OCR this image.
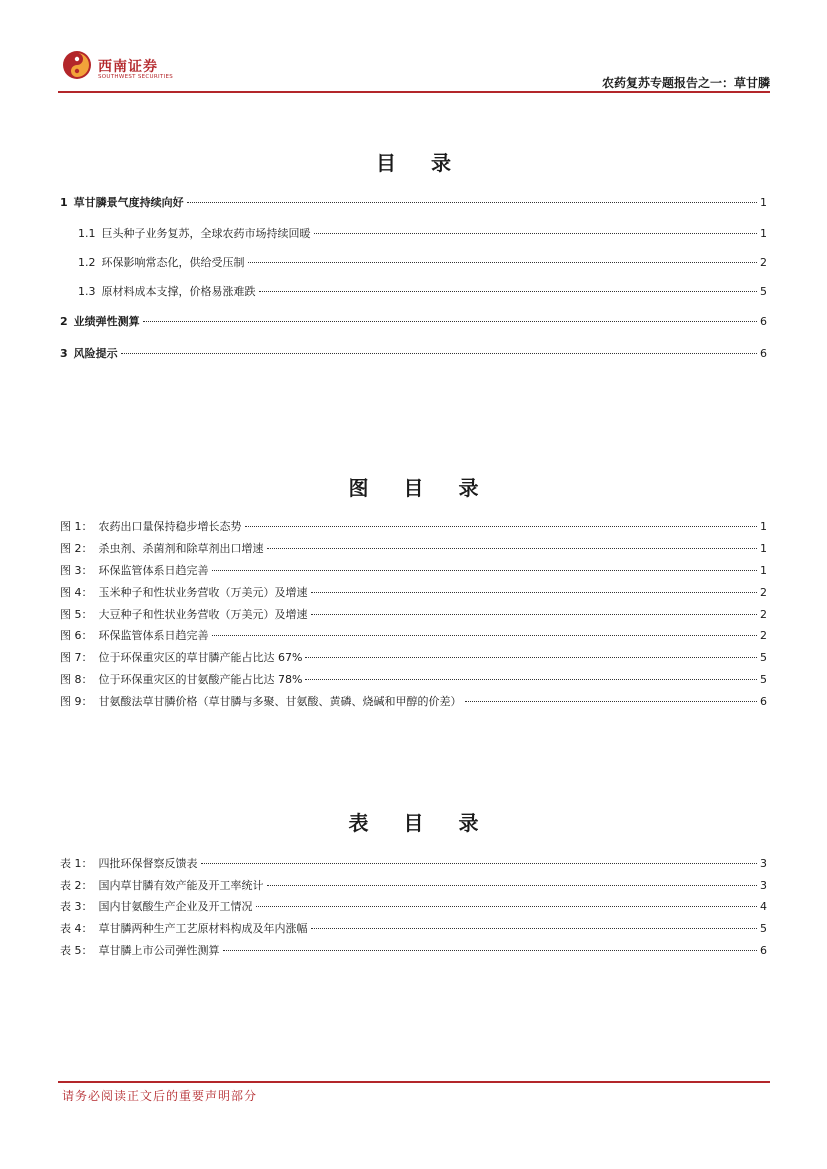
西南证券
SOUTHWEST SECURITIES	农药复苏专题报告之一：草甘膦
目 录
1 草甘膦景气度持续向好	1
1.1 巨头种子业务复苏，全球农药市场持续回暖	1
1.2 环保影响常态化，供给受压制	2
1.3 原材料成本支撑，价格易涨难跌	5
2 业绩弹性测算	6
3 风险提示	6
图 目 录
图 1： 农药出口量保持稳步增长态势	1
图 2： 杀虫剂、杀菌剂和除草剂出口增速	1
图 3： 环保监管体系日趋完善	1
图 4： 玉米种子和性状业务营收（万美元）及增速	2
图 5： 大豆种子和性状业务营收（万美元）及增速	2
图 6： 环保监管体系日趋完善	2
图 7： 位于环保重灾区的草甘膦产能占比达 67%	5
图 8： 位于环保重灾区的甘氨酸产能占比达 78%	5
图 9： 甘氨酸法草甘膦价格（草甘膦与多聚、甘氨酸、黄磷、烧碱和甲醇的价差）	6
表 目 录
表 1： 四批环保督察反馈表	3
表 2： 国内草甘膦有效产能及开工率统计	3
表 3： 国内甘氨酸生产企业及开工情况	4
表 4： 草甘膦两种生产工艺原材料构成及年内涨幅	5
表 5： 草甘膦上市公司弹性测算	6
请务必阅读正文后的重要声明部分
